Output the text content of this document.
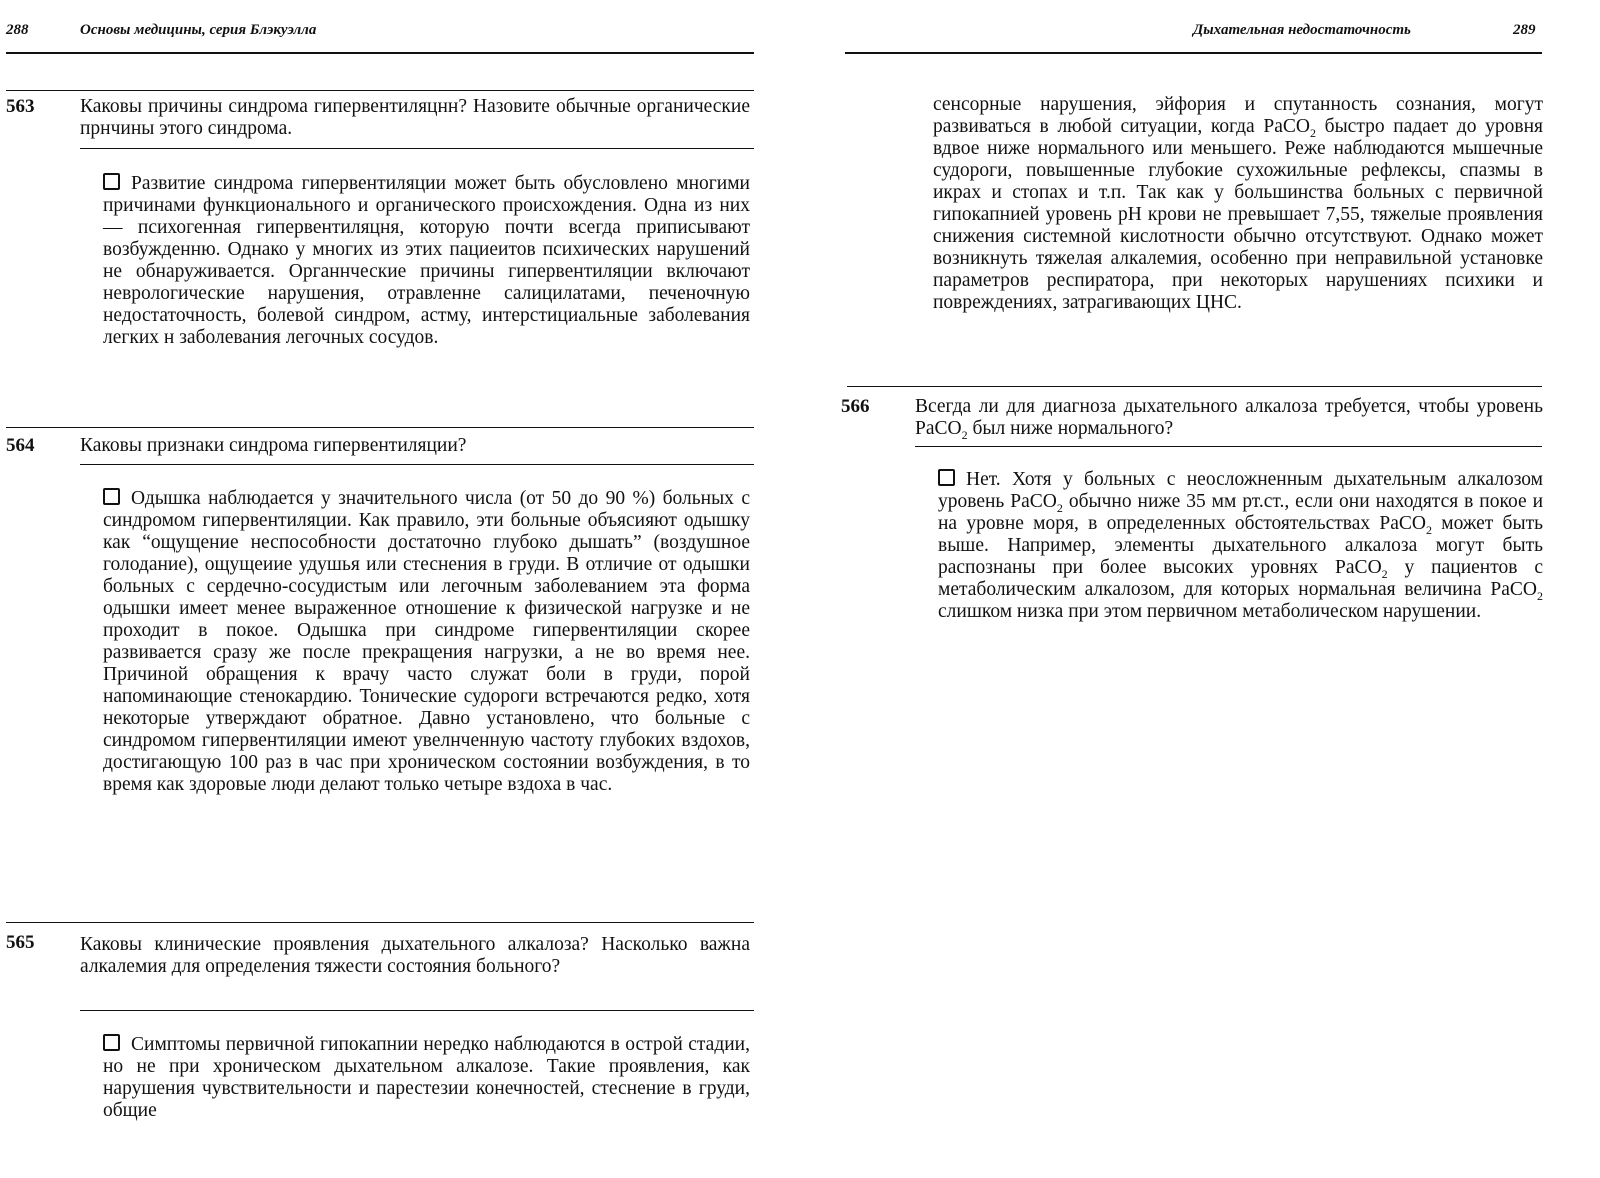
288	Основы медицины, серия Блэкуэлла
563 Каковы причины синдрома гипервентиляцнн? Назовите обычные органические прнчины этого синдрома.

Развитие синдрома гипервентиляции может быть обусловлено многими причинами функционального и органического происхождения. Одна из них — психогенная гипервентиляцня, которую почти всегда приписывают возбужденню. Однако у многих из этих пациеитов психических нарушений не обнаруживается. Органнческие причины гипервентиляции включают неврологические нарушения, отравленне салицилатами, печеночную недостаточность, болевой синдром, астму, интерстициальные заболевания легких н заболевания легочных сосудов.

564 Каковы признаки синдрома гипервентиляции?

Одышка наблюдается у значительного числа (от 50 до 90 %) больных с синдромом гипервентиляции. Как правило, эти больные объясияют одышку как “ощущение неспособности достаточно глубоко дышать” (воздушное голодание), ощущеиие удушья или стеснения в груди. В отличие от одышки больных с сердечно-сосудистым или легочным заболеванием эта форма одышки имеет менее выраженное отношение к физической нагрузке и не проходит в покое. Одышка при синдроме гипервентиляции скорее развивается сразу же после прекращения нагрузки, а не во время нее. Причиной обращения к врачу часто служат боли в груди, порой напоминающие стенокардию. Тонические судороги встречаются редко, хотя некоторые утверждают обратное. Давно установлено, что больные с синдромом гипервентиляции имеют увелнченную частоту глубоких вздохов, достигающую 100 раз в час при хроническом состоянии возбуждения, в то время как здоровые люди делают только четыре вздоха в час.

565 Каковы клинические проявления дыхательного алкалоза? Насколько важна алкалемия для определения тяжести состояния больного?

Симптомы первичной гипокапнии нередко наблюдаются в острой стадии, но не при хроническом дыхательном алкалозе. Такие проявления, как нарушения чувствительности и парестезии конечностей, стеснение в груди, общие

Дыхательная недостаточность	289

сенсорные нарушения, эйфория и спутанность сознания, могут развиваться в любой ситуации, когда PaCO$_2$ быстро падает до уровня вдвое ниже нормального или меньшего. Реже наблюдаются мышечные судороги, повышенные глубокие сухожильные рефлексы, спазмы в икрах и стопах и т.п. Так как у большинства больных с первичной гипокапнией уровень pH крови не превышает 7,55, тяжелые проявления снижения системной кислотности обычно отсутствуют. Однако может возникнуть тяжелая алкалемия, особенно при неправильной установке параметров респиратора, при некоторых нарушениях психики и повреждениях, затрагивающих ЦНС.

566 Всегда ли для диагноза дыхательного алкалоза требуется, чтобы уровень PaCO$_2$ был ниже нормального?

Нет. Хотя у больных с неосложненным дыхательным алкалозом уровень PaCO$_2$ обычно ниже 35 мм рт.ст., если они находятся в покое и на уровне моря, в определенных обстоятельствах PaCO$_2$ может быть выше. Например, элементы дыхательного алкалоза могут быть распознаны при более высоких уровнях PaCO$_2$ у пациентов с метаболическим алкалозом, для которых нормальная величина PaCO$_2$ слишком низка при этом первичном метаболическом нарушении.
